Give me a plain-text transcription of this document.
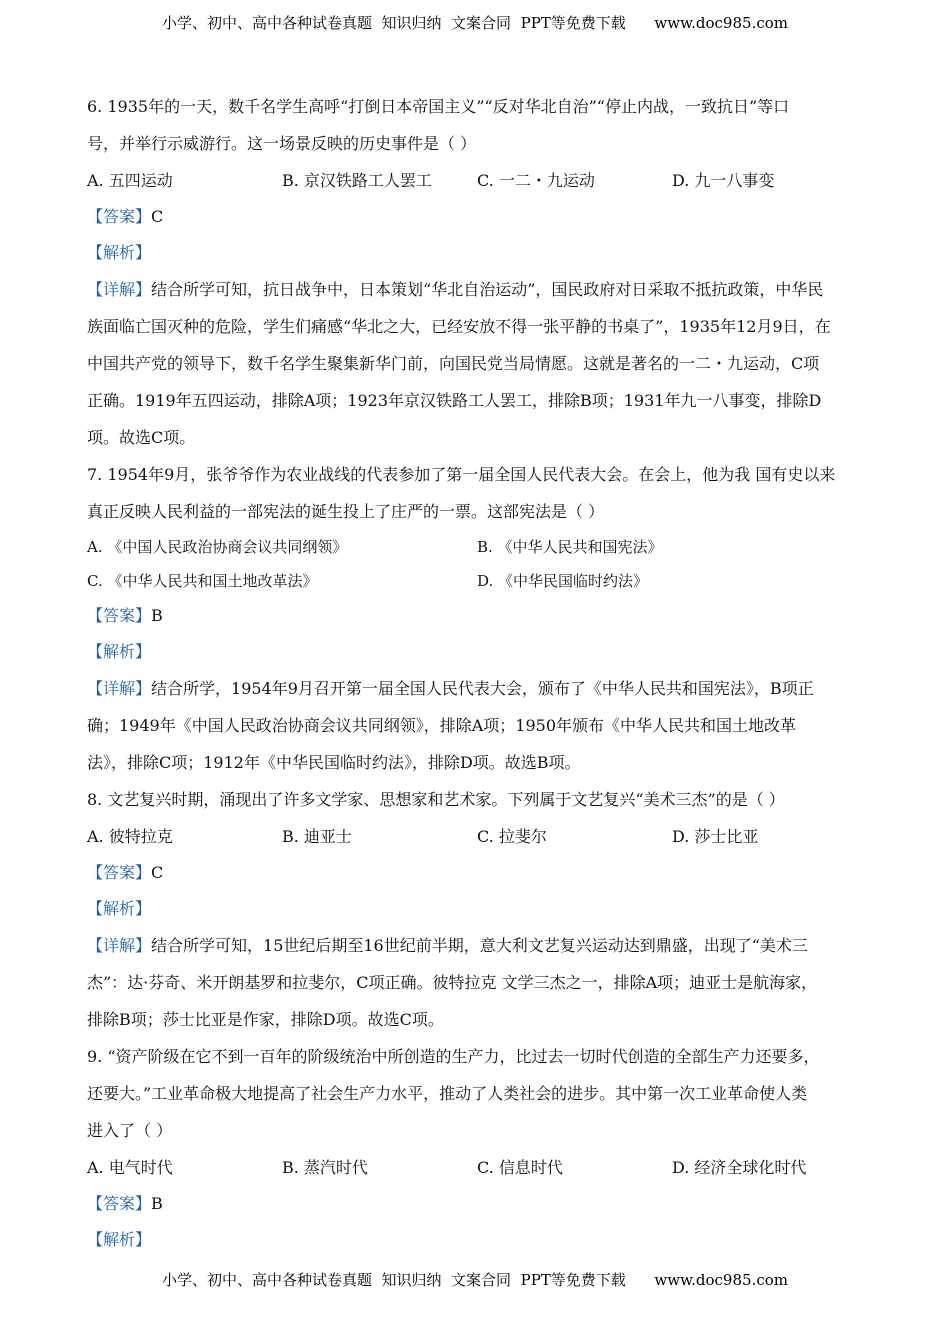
小学、初中、高中各种试卷真题  知识归纳  文案合同  PPT等免费下载      www.doc985.com
6. 1935年的一天，数千名学生高呼“打倒日本帝国主义”“反对华北自治”“停止内战，一致抗日”等口
号，并举行示威游行。这一场景反映的历史事件是（ ）
A. 五四运动	B. 京汉铁路工人罢工	C. 一二・九运动	D. 九一八事变
【答案】C
【解析】
【详解】结合所学可知，抗日战争中，日本策划“华北自治运动”，国民政府对日采取不抵抗政策，中华民
族面临亡国灭种的危险，学生们痛感“华北之大，已经安放不得一张平静的书桌了”，1935年12月9日，在
中国共产党的领导下，数千名学生聚集新华门前，向国民党当局情愿。这就是著名的一二・九运动，C项
正确。1919年五四运动，排除A项；1923年京汉铁路工人罢工，排除B项；1931年九一八事变，排除D
项。故选C项。
7. 1954年9月，张爷爷作为农业战线的代表参加了第一届全国人民代表大会。在会上，他为我 国有史以来
真正反映人民利益的一部宪法的诞生投上了庄严的一票。这部宪法是（ ）
A. 《中国人民政治协商会议共同纲领》	B. 《中华人民共和国宪法》
C. 《中华人民共和国土地改革法》	D. 《中华民国临时约法》
【答案】B
【解析】
【详解】结合所学，1954年9月召开第一届全国人民代表大会，颁布了《中华人民共和国宪法》，B项正
确；1949年《中国人民政治协商会议共同纲领》，排除A项；1950年颁布《中华人民共和国土地改革
法》，排除C项；1912年《中华民国临时约法》，排除D项。故选B项。
8. 文艺复兴时期，涌现出了许多文学家、思想家和艺术家。下列属于文艺复兴“美术三杰”的是（ ）
A. 彼特拉克	B. 迪亚士	C. 拉斐尔	D. 莎士比亚
【答案】C
【解析】
【详解】结合所学可知，15世纪后期至16世纪前半期，意大利文艺复兴运动达到鼎盛，出现了“美术三
杰”：达·芬奇、米开朗基罗和拉斐尔，C项正确。彼特拉克 文学三杰之一，排除A项；迪亚士是航海家，
排除B项；莎士比亚是作家，排除D项。故选C项。
9. “资产阶级在它不到一百年的阶级统治中所创造的生产力，比过去一切时代创造的全部生产力还要多，
还要大。”工业革命极大地提高了社会生产力水平，推动了人类社会的进步。其中第一次工业革命使人类
进入了（ ）
A. 电气时代	B. 蒸汽时代	C. 信息时代	D. 经济全球化时代
【答案】B
【解析】
小学、初中、高中各种试卷真题  知识归纳  文案合同  PPT等免费下载      www.doc985.com
